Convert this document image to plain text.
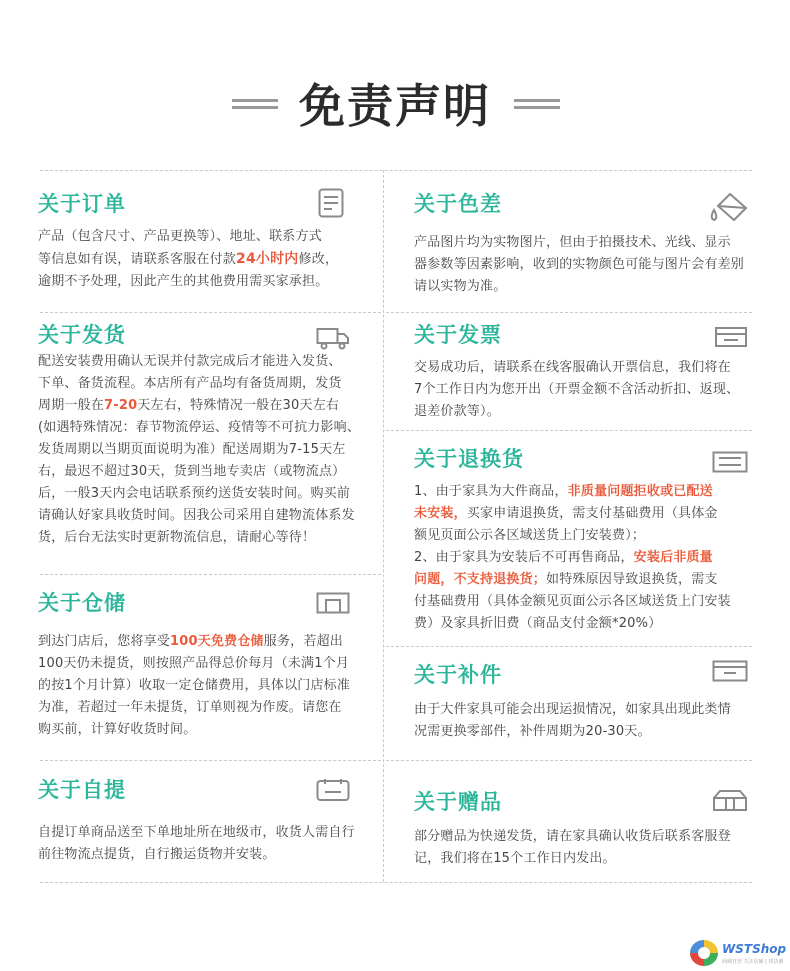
免责声明
关于订单

产品（包含尺寸、产品更换等）、地址、联系方式
等信息如有误，请联系客服在付款24小时内修改，
逾期不予处理，因此产生的其他费用需买家承担。

关于色差

产品图片均为实物图片，但由于拍摄技术、光线、显示
器参数等因素影响，收到的实物颜色可能与图片会有差别
请以实物为准。

关于发货

配送安装费用确认无误并付款完成后才能进入发货、
下单、备货流程。本店所有产品均有备货周期，发货
周期一般在7-20天左右，特殊情况一般在30天左右
(如遇特殊情况：春节物流停运、疫情等不可抗力影响、
发货周期以当期页面说明为准）配送周期为7-15天左
右，最迟不超过30天，货到当地专卖店（或物流点）
后，一般3天内会电话联系预约送货安装时间。购买前
请确认好家具收货时间。因我公司采用自建物流体系发
货，后台无法实时更新物流信息，请耐心等待！

关于发票

交易成功后，请联系在线客服确认开票信息，我们将在
7个工作日内为您开出（开票金额不含活动折扣、返现、
退差价款等）。

关于退换货

1、由于家具为大件商品，非质量问题拒收或已配送
未安装，买家申请退换货，需支付基础费用（具体金
额见页面公示各区域送货上门安装费）；
2、由于家具为安装后不可再售商品，安装后非质量
问题，不支持退换货；如特殊原因导致退换货，需支
付基础费用（具体金额见页面公示各区域送货上门安装
费）及家具折旧费（商品支付金额*20%）

关于仓储

到达门店后，您将享受100天免费仓储服务，若超出
100天仍未提货，则按照产品得总价每月（未满1个月
的按1个月计算）收取一定仓储费用，具体以门店标准
为准，若超过一年未提货，订单则视为作废。请您在
购买前，计算好收货时间。

关于补件

由于大件家具可能会出现运损情况，如家具出现此类情
况需更换零部件，补件周期为20-30天。

关于自提

自提订单商品送至下单地址所在地级市，收货人需自行
前往物流点提货，自行搬运货物并安装。

关于赠品

部分赠品为快递发货，请在家具确认收货后联系客服登
记，我们将在15个工作日内发出。

WSTShop
商城自营 关注店铺 | 找货源
